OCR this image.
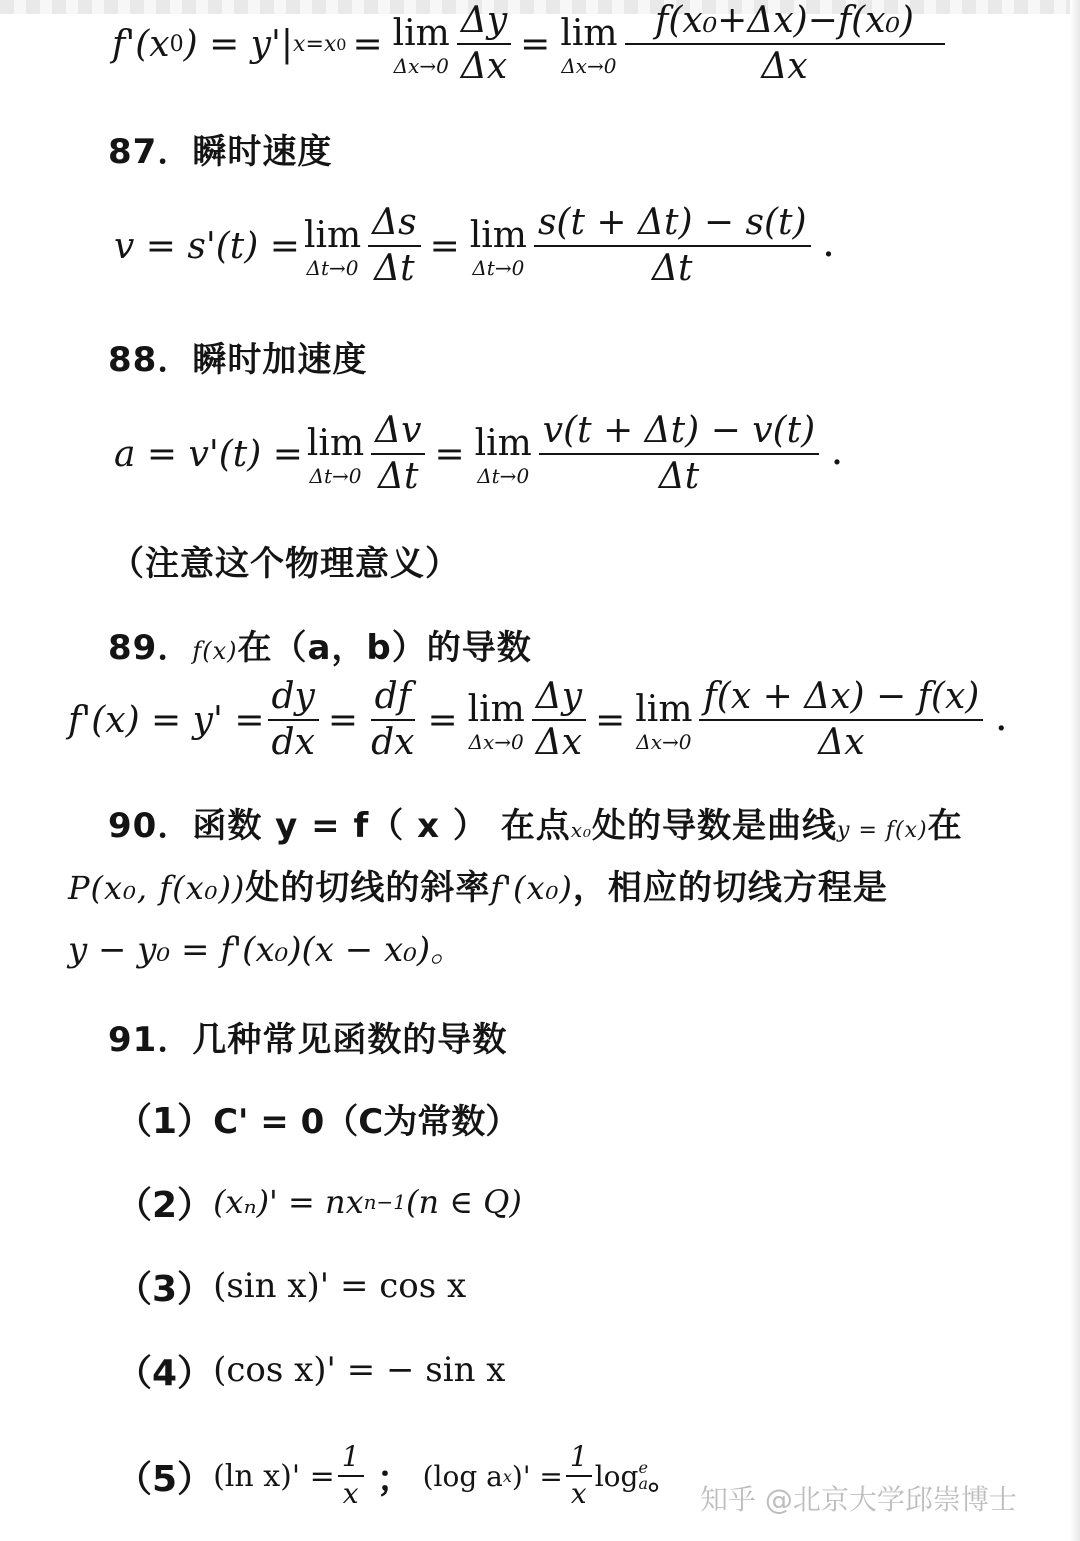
f'(x 0 ) = y'| x=x 0 = lim
$\Delta x\to 0 \frac{\Delta y}{\Delta x} = \lim$
$\Delta x\to 0 \frac{\text{f(x₀+Δx)−f(x₀)}}{\Delta x}$
87．瞬时速度
v = s'(t) = lim
$\Delta t\to 0 \frac{\Delta s}{\Delta t} = \lim$
$\Delta t\to 0 \frac{s(t + \Delta t) - s(t)}{\Delta t}$ .
88．瞬时加速度
a = v'(t) = lim
$\Delta t\to 0 \frac{\Delta v}{\Delta t} = \lim$
$\Delta t\to 0 \frac{v(t + \Delta t) - v(t)}{\Delta t}$ .
（注意这个物理意义）
89．f(x)在（a，b）的导数
$f'(x) = y' = \frac{dy}{dx} = \frac{df}{dx} = \lim$
$\Delta x\to 0 \frac{\Delta y}{\Delta x} = \lim$
$\Delta x\to 0 \frac{f(x + \Delta x) - f(x)}{\Delta x}$ .
90．函数 y = f（ x ） 在点x₀处的导数是曲线y = f(x)在
P(x₀, f(x₀))处的切线的斜率f'(x₀)，相应的切线方程是
y − y₀ = f'(x₀)(x − x₀)。
91．几种常见函数的导数
（1） C' = 0（C为常数）
（2） (xₙ)' = nx n−1 (n ∈ Q)
（3） (sin x)' = cos x
（4） (cos x)' = − sin x
（5） (ln $x)' = \frac{1}{x}$ ； (log a x )' = $\frac{1}{x}$ log e
a 。
知乎 @北京大学邱崇博士
